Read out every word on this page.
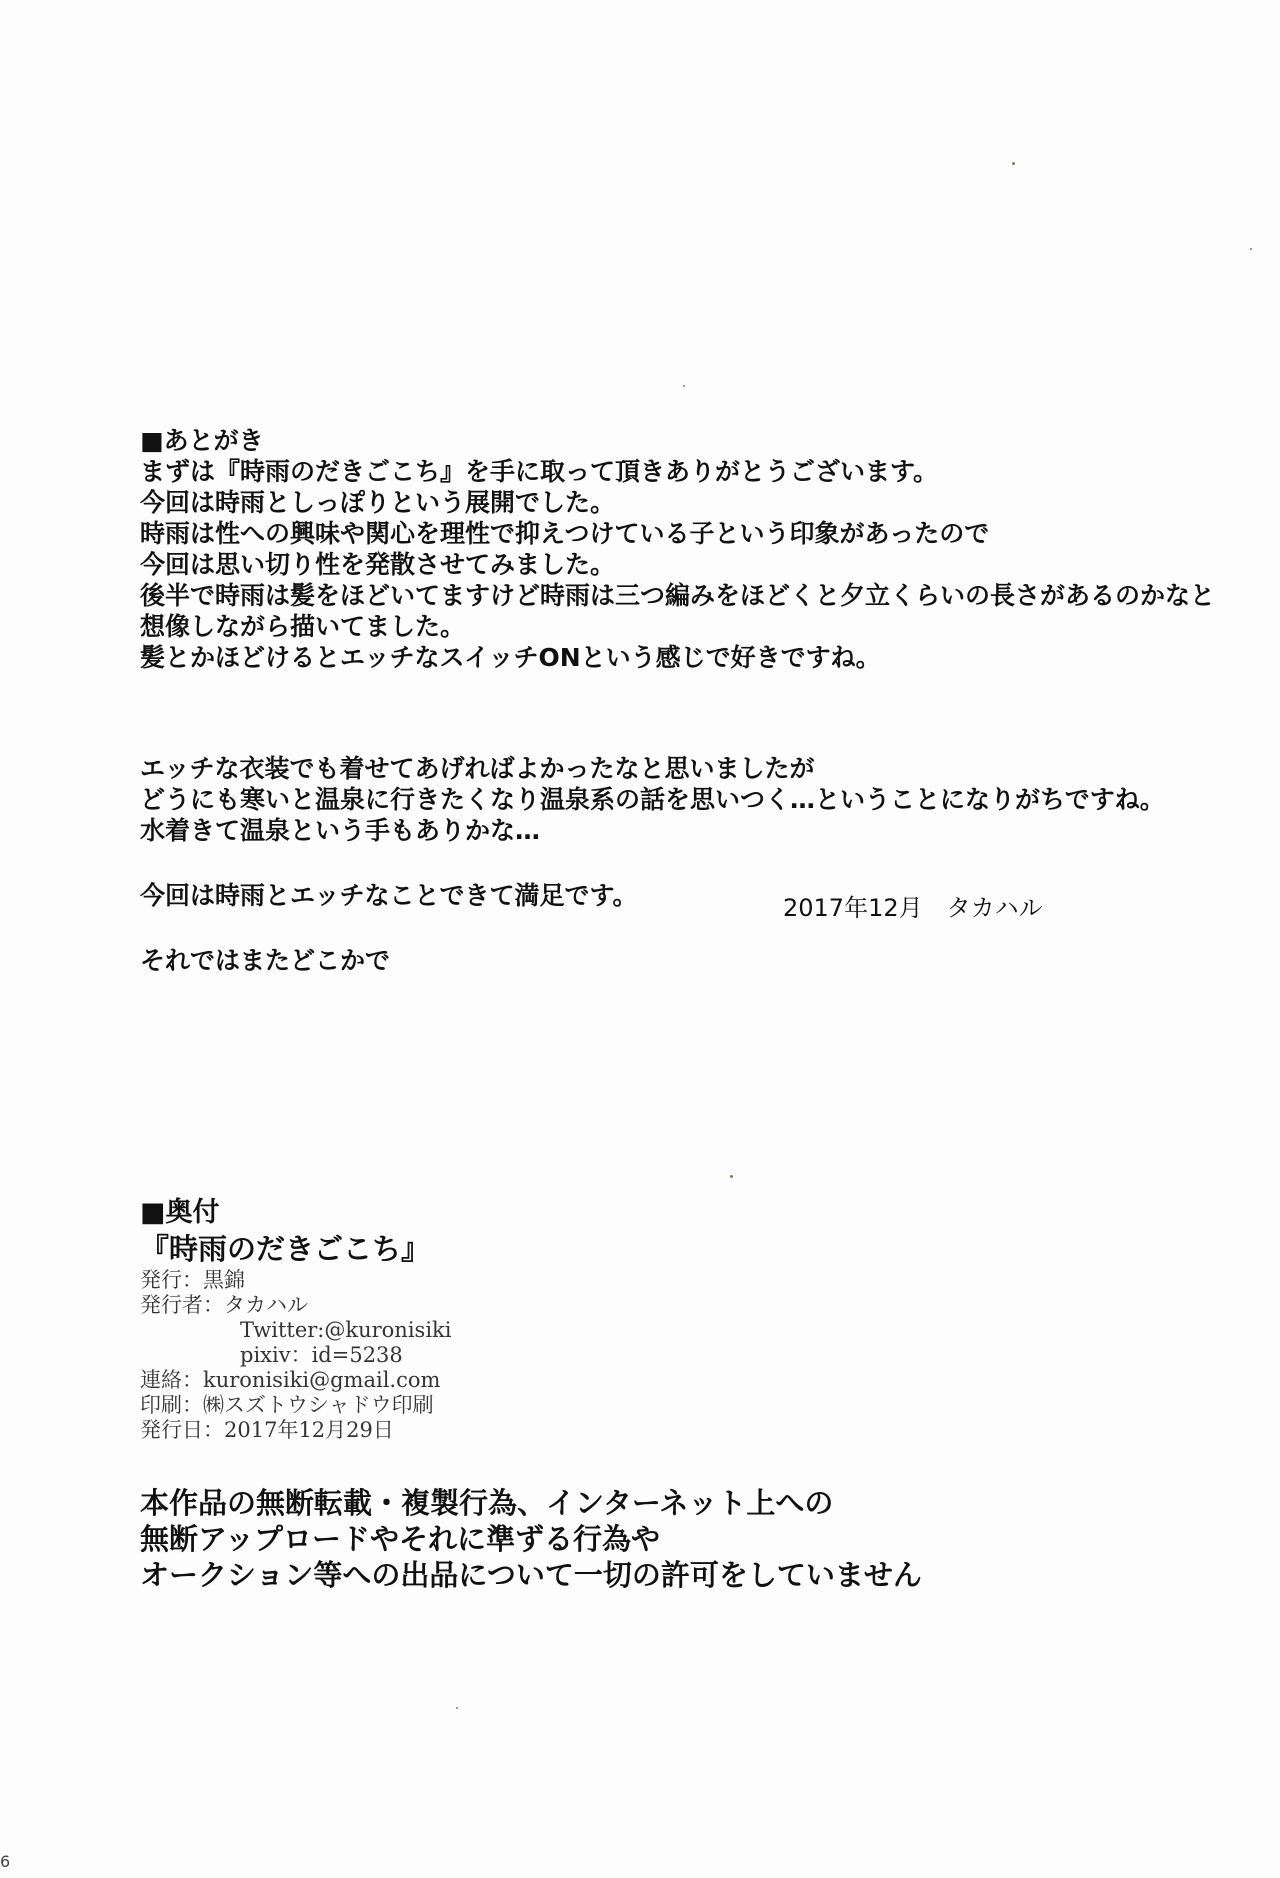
■あとがき
まずは『時雨のだきごこち』を手に取って頂きありがとうございます。
今回は時雨としっぽりという展開でした。
時雨は性への興味や関心を理性で抑えつけている子という印象があったので
今回は思い切り性を発散させてみました。
後半で時雨は髪をほどいてますけど時雨は三つ編みをほどくと夕立くらいの長さがあるのかなと
想像しながら描いてました。
髪とかほどけるとエッチなスイッチONという感じで好きですね。
エッチな衣装でも着せてあげればよかったなと思いましたが
どうにも寒いと温泉に行きたくなり温泉系の話を思いつく…ということになりがちですね。
水着きて温泉という手もありかな…
今回は時雨とエッチなことできて満足です。
それではまたどこかで
2017年12月　タカハル
■奥付
『時雨のだきごこち』
発行：黒錦
発行者：タカハル
Twitter:@kuronisiki
pixiv：id=5238
連絡：kuronisiki@gmail.com
印刷：㈱スズトウシャドウ印刷
発行日：2017年12月29日
本作品の無断転載・複製行為、インターネット上への
無断アップロードやそれに準ずる行為や
オークション等への出品について一切の許可をしていません
6
